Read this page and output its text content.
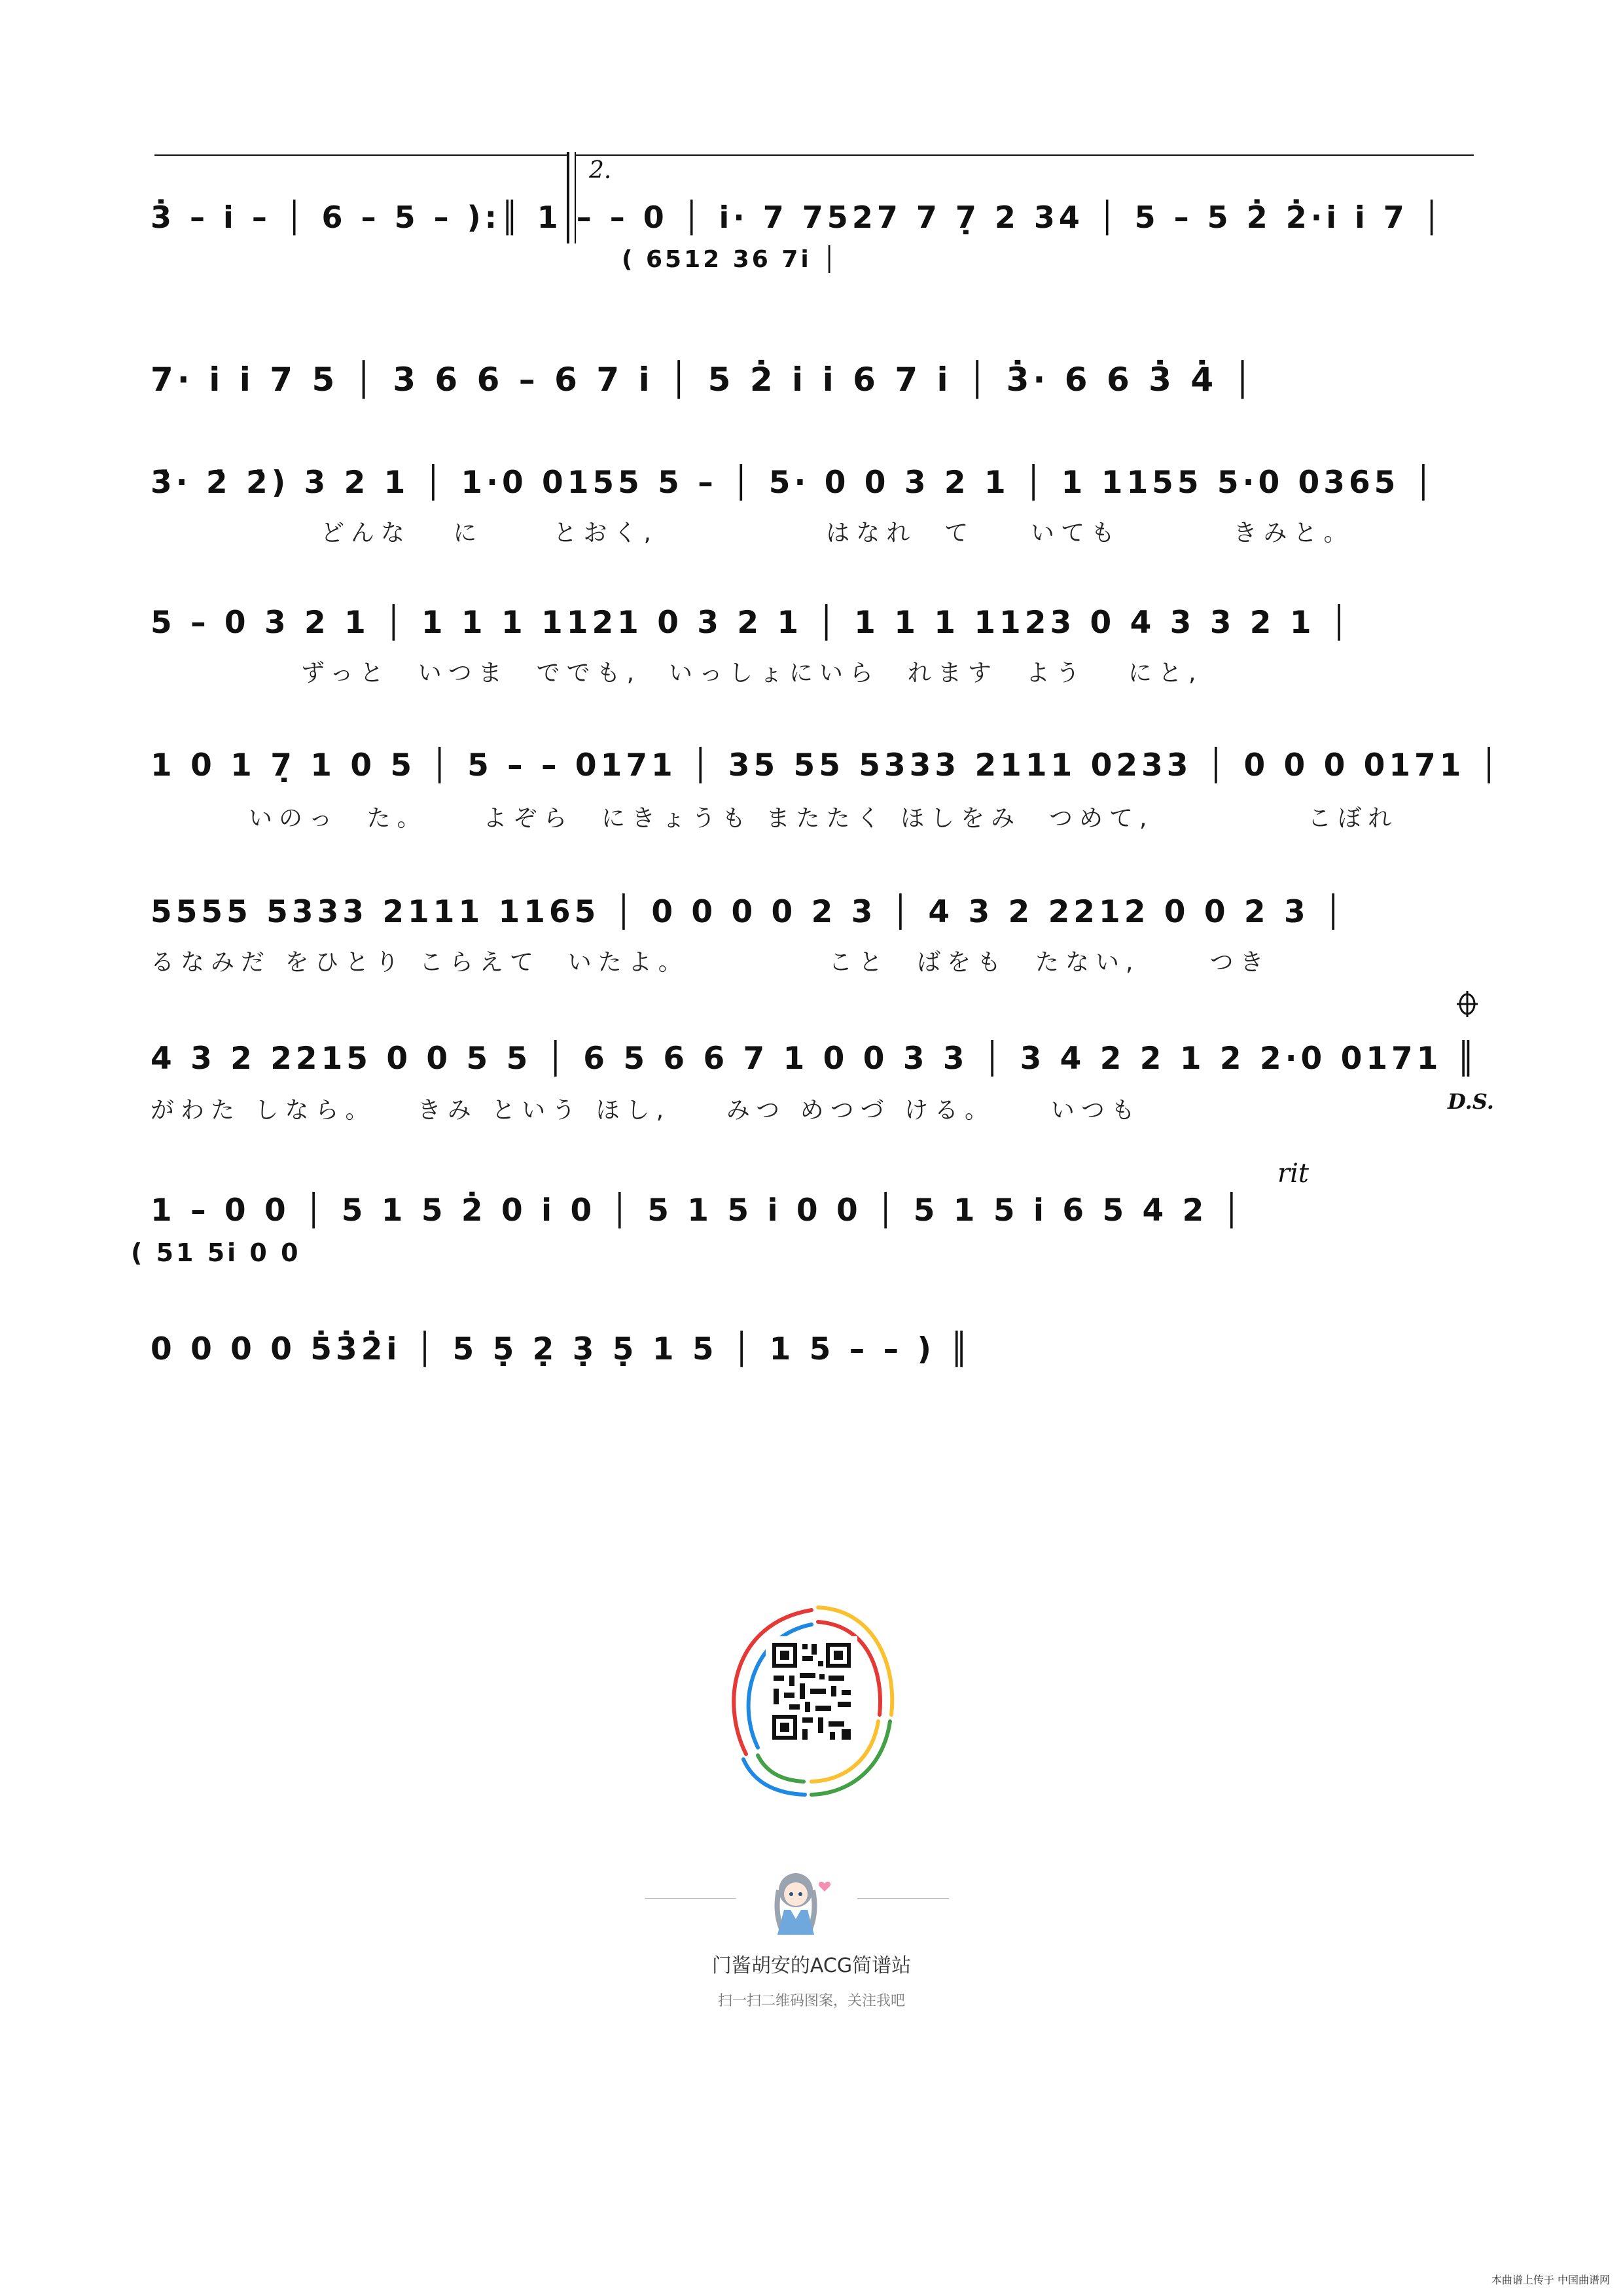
2.
3̇ – i̇ – │ 6 – 5 – ):║ 1 – – 0 │ i̇· 7 7527 7 7̣ 2 34 │ 5 – 5 2̇ 2̇·i̇ i̇ 7 │
( 6512 36 7i̇ │
7· i̇ i̇ 7 5 │ 3 6 6 – 6 7 i̇ │ 5 2̇ i̇ i̇ 6 7 i̇ │ 3̇· 6 6 3̇ 4̇ │
3̇· 2̇ 2̇) 3 2 1 │ 1·0 0155 5 – │ 5· 0 0 3 2 1 │ 1 1155 5·0 0365 │
どんな   に     とおく,            はなれ  て    いても        きみと。
5 – 0 3 2 1 │ 1 1 1 1121 0 3 2 1 │ 1 1 1 1123 0 4 3 3 2 1 │
ずっと  いつま  ででも,  いっしょにいら  れます  よう   にと,
1 0 1 7̣ 1 0 5 │ 5 – – 0171 │ 35 55 5333 2111 0233 │ 0 0 0 0171 │
いのっ  た。    よぞら  にきょうも またたく ほしをみ  つめて,           こぼれ
5555 5333 2111 1165 │ 0 0 0 0 2 3 │ 4 3 2 2212 0 0 2 3 │
るなみだ をひとり こらえて  いたよ。          こと  ばをも  たない,     つき
4 3 2 2215 0 0 5 5 │ 6 5 6 6 7 1 0 0 3 3 │ 3 4 2 2 1 2 2·0 0171 ║
がわた しなら。   きみ という ほし,    みつ めつづ ける。    いつも	D.S.
rit
1 – 0 0 │ 5 1 5 2̇ 0 i̇ 0 │ 5 1 5 i̇ 0 0 │ 5 1 5 i̇ 6 5 4 2 │
( 51 5i̇ 0 0
0 0 0 0 5̇3̇2̇i̇ │ 5 5̣ 2̣ 3̣ 5̣ 1 5 │ 1 5 – – ) ║
门酱胡安的ACG简谱站
扫一扫二维码图案，关注我吧
本曲谱上传于 中国曲谱网
